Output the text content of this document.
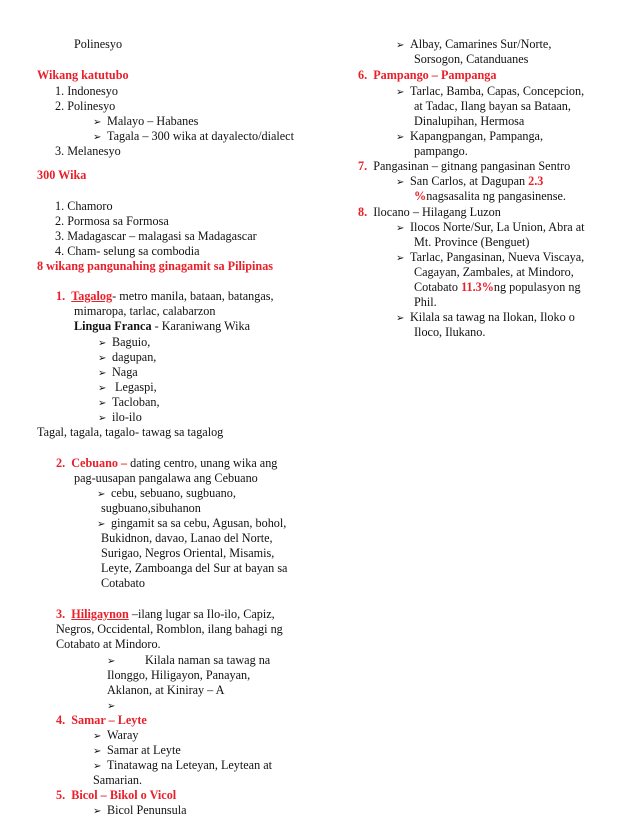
Polinesyo
Wikang katutubo
1. Indonesyo
2. Polinesyo
➢ Malayo – Habanes
➢ Tagala – 300 wika at dayalecto/dialect
3. Melanesyo
300 Wika
1. Chamoro
2. Pormosa sa Formosa
3. Madagascar – malagasi sa Madagascar
4. Cham- selung sa combodia
8 wikang pangunahing ginagamit sa Pilipinas
1. Tagalog- metro manila, bataan, batangas,
mimaropa, tarlac, calabarzon
Lingua Franca - Karaniwang Wika
➢ Baguio,
➢ dagupan,
➢ Naga
➢ Legaspi,
➢ Tacloban,
➢ ilo-ilo
Tagal, tagala, tagalo- tawag sa tagalog
2. Cebuano – dating centro, unang wika ang
pag-uusapan pangalawa ang Cebuano
➢ cebu, sebuano, sugbuano,
sugbuano,sibuhanon
➢ gingamit sa sa cebu, Agusan, bohol,
Bukidnon, davao, Lanao del Norte,
Surigao, Negros Oriental, Misamis,
Leyte, Zamboanga del Sur at bayan sa
Cotabato
3. Hiligaynon –ilang lugar sa Ilo-ilo, Capiz,
Negros, Occidental, Romblon, ilang bahagi ng
Cotabato at Mindoro.
➢ Kilala naman sa tawag na
Ilonggo, Hiligayon, Panayan,
Aklanon, at Kiniray – A
➢
4. Samar – Leyte
➢ Waray
➢ Samar at Leyte
➢ Tinatawag na Leteyan, Leytean at
Samarian.
5. Bicol – Bikol o Vicol
➢ Bicol Penunsula
➢ Albay, Camarines Sur/Norte,
Sorsogon, Catanduanes
6. Pampango – Pampanga
➢ Tarlac, Bamba, Capas, Concepcion,
at Tadac, Ilang bayan sa Bataan,
Dinalupihan, Hermosa
➢ Kapangpangan, Pampanga,
pampango.
7. Pangasinan – gitnang pangasinan Sentro
➢ San Carlos, at Dagupan 2.3
%nagsasalita ng pangasinense.
8. Ilocano – Hilagang Luzon
➢ Ilocos Norte/Sur, La Union, Abra at
Mt. Province (Benguet)
➢ Tarlac, Pangasinan, Nueva Viscaya,
Cagayan, Zambales, at Mindoro,
Cotabato 11.3%ng populasyon ng
Phil.
➢ Kilala sa tawag na Ilokan, Iloko o
Iloco, Ilukano.
